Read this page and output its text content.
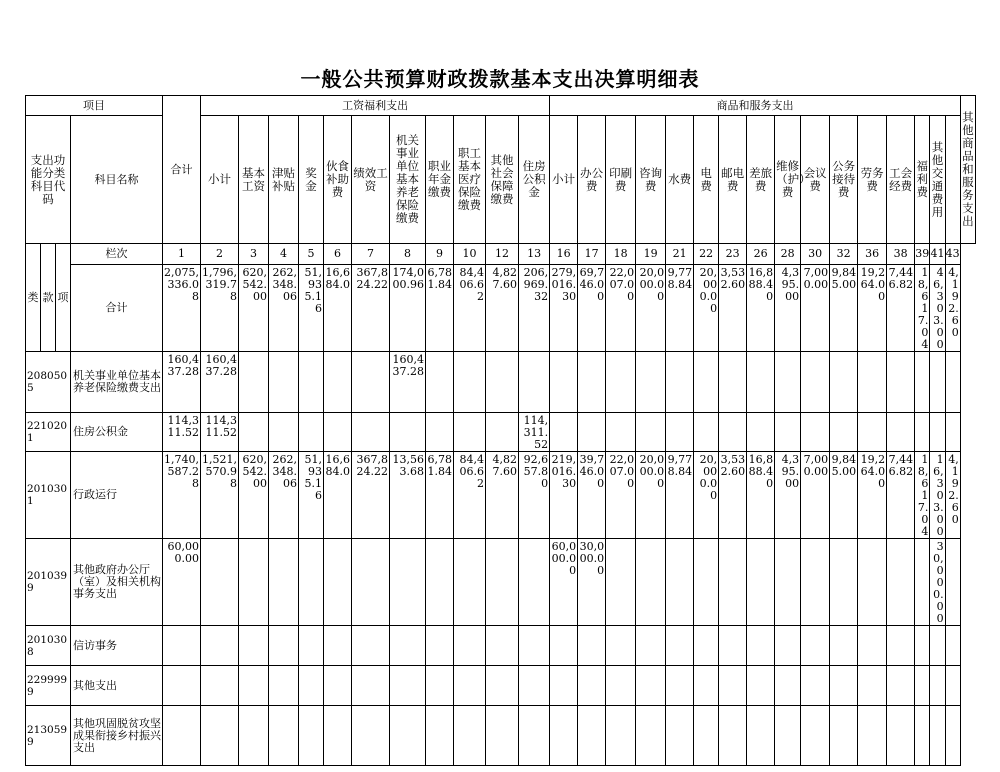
一般公共预算财政拨款基本支出决算明细表
项目				合计	工资福利支出											商品和服务支出																其他商品和服务支出
支出功能分类科目代码			科目名称		小计	基本工资	津贴补贴	奖金	伙食补助费	绩效工资	机关事业单位基本养老保险缴费	职业年金缴费	职工基本医疗保险缴费	其他社会保障缴费	住房公积金	小计	办公费	印刷费	咨询费	水费	电费	邮电费	差旅费	维修（护）费	会议费	公务接待费	劳务费	工会经费	福利费	其他交通费用		
类	款	项	栏次	1	2	3	4	5	6	7	8	9	10	12	13	16	17	18	19	21	22	23	26	28	30	32	36	38	39	41	43	
			合计	2,075,336.08	1,796,319.78	620,542.00	262,348.06	51,935.16	16,684.0	367,824.22	174,000.96	6,781.84	84,406.62	4,827.60	206,969.32	279,016.30	69,746.00	22,007.00	20,000.00	9,778.84	20,000.00	3,532.60	16,888.40	4,395.00	7,000.00	9,845.00	19,264.00	7,446.82	18,617.04	46,303.00	4,192.60	
2080505			机关事业单位基本养老保险缴费支出	160,437.28	160,437.28						160,437.28																					
2210201			住房公积金	114,311.52	114,311.52										114,311.52																	
2010301			行政运行	1,740,587.28	1,521,570.98	620,542.00	262,348.06	51,935.16	16,684.0	367,824.22	13,563.68	6,781.84	84,406.62	4,827.60	92,657.80	219,016.30	39,746.00	22,007.00	20,000.00	9,778.84	20,000.00	3,532.60	16,888.40	4,395.00	7,000.00	9,845.00	19,264.00	7,446.82	18,617.04	16,303.00	4,192.60	
2010399			其他政府办公厅（室）及相关机构事务支出	60,000.00												60,000.00	30,000.00													30,000.00		
2010308			信访事务																													
2299999			其他支出																													
2130599			其他巩固脱贫攻坚成果衔接乡村振兴支出																													
